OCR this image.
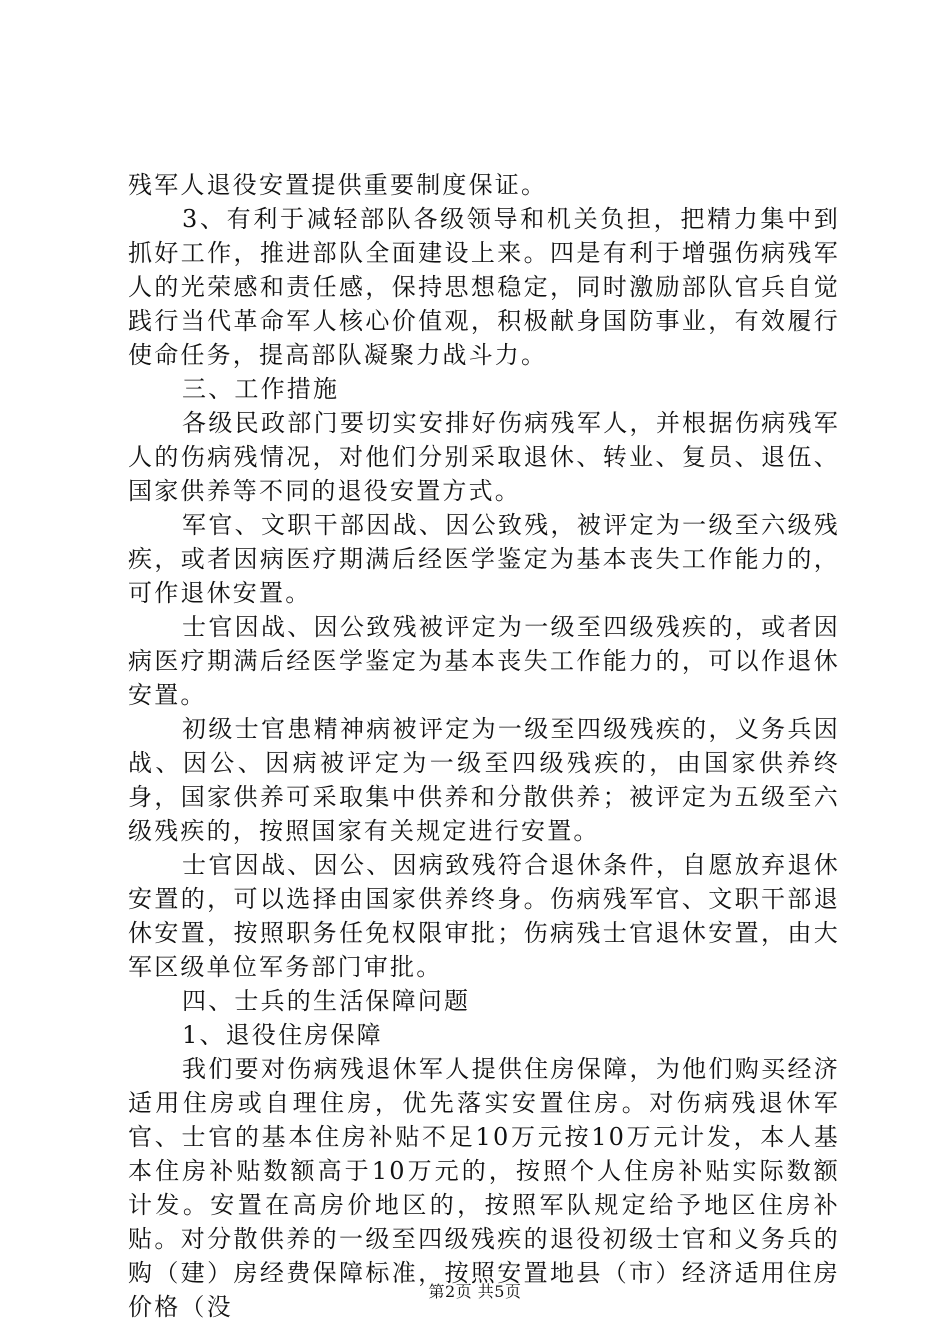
残军人退役安置提供重要制度保证。

3、有利于减轻部队各级领导和机关负担，把精力集中到抓好工作，推进部队全面建设上来。四是有利于增强伤病残军人的光荣感和责任感，保持思想稳定，同时激励部队官兵自觉践行当代革命军人核心价值观，积极献身国防事业，有效履行使命任务，提高部队凝聚力战斗力。

三、工作措施

各级民政部门要切实安排好伤病残军人，并根据伤病残军人的伤病残情况，对他们分别采取退休、转业、复员、退伍、国家供养等不同的退役安置方式。

军官、文职干部因战、因公致残，被评定为一级至六级残疾，或者因病医疗期满后经医学鉴定为基本丧失工作能力的，可作退休安置。

士官因战、因公致残被评定为一级至四级残疾的，或者因病医疗期满后经医学鉴定为基本丧失工作能力的，可以作退休安置。

初级士官患精神病被评定为一级至四级残疾的，义务兵因战、因公、因病被评定为一级至四级残疾的，由国家供养终身，国家供养可采取集中供养和分散供养；被评定为五级至六级残疾的，按照国家有关规定进行安置。

士官因战、因公、因病致残符合退休条件，自愿放弃退休安置的，可以选择由国家供养终身。伤病残军官、文职干部退休安置，按照职务任免权限审批；伤病残士官退休安置，由大军区级单位军务部门审批。

四、士兵的生活保障问题

1、退役住房保障

我们要对伤病残退休军人提供住房保障，为他们购买经济适用住房或自理住房，优先落实安置住房。对伤病残退休军官、士官的基本住房补贴不足10万元按10万元计发，本人基本住房补贴数额高于10万元的，按照个人住房补贴实际数额计发。安置在高房价地区的，按照军队规定给予地区住房补贴。对分散供养的一级至四级残疾的退役初级士官和义务兵的购（建）房经费保障标准，按照安置地县（市）经济适用住房价格（没

第2页 共5页
